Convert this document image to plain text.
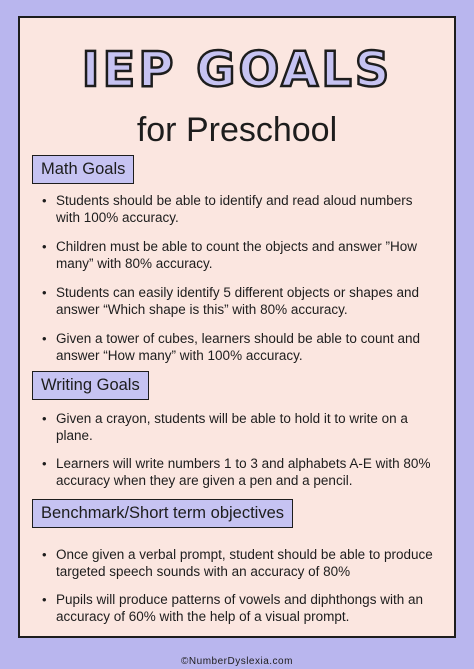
IEP GOALS
for Preschool
Math Goals
• Students should be able to identify and read aloud numbers with 100% accuracy.
• Children must be able to count the objects and answer ”How many” with 80% accuracy.
• Students can easily identify 5 different objects or shapes and answer “Which shape is this” with 80% accuracy.
• Given a tower of cubes, learners should be able to count and answer “How many” with 100% accuracy.
Writing Goals
• Given a crayon, students will be able to hold it to write on a plane.
• Learners will write numbers 1 to 3 and alphabets A-E with 80% accuracy when they are given a pen and a pencil.
Benchmark/Short term objectives
• Once given a verbal prompt, student should be able to produce targeted speech sounds with an accuracy of 80%
• Pupils will produce patterns of vowels and diphthongs with an accuracy of 60% with the help of a visual prompt.
©NumberDyslexia.com
